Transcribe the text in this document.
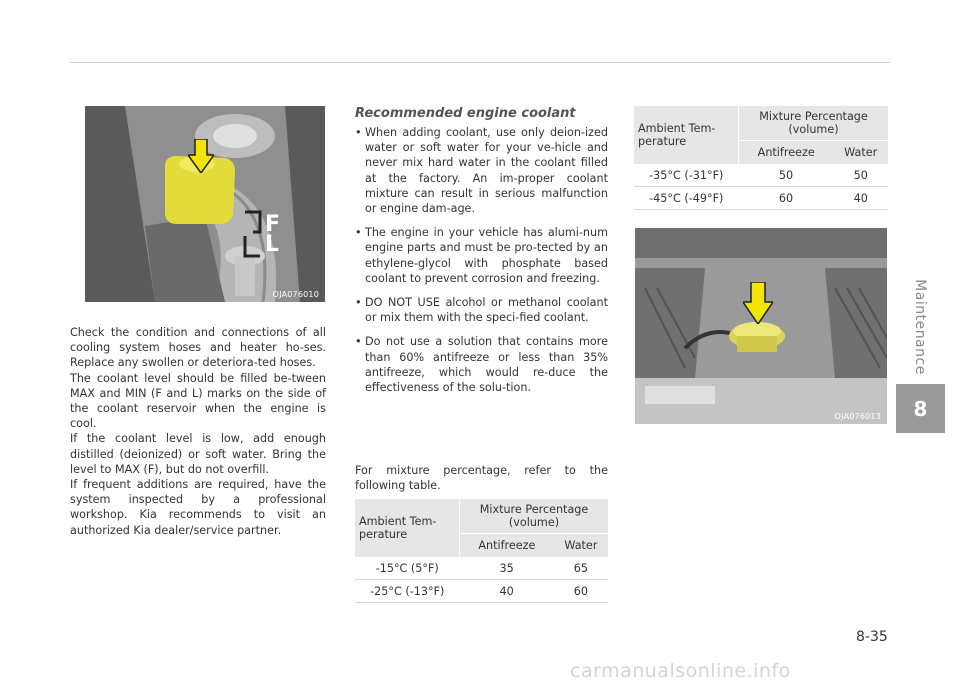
F
L
OJA076010

Check the condition and connections of all cooling system hoses and heater ho-ses. Replace any swollen or deteriora-ted hoses.

The coolant level should be filled be-tween MAX and MIN (F and L) marks on the side of the coolant reservoir when the engine is cool.

If the coolant level is low, add enough distilled (deionized) or soft water. Bring the level to MAX (F), but do not overfill.

If frequent additions are required, have the system inspected by a professional workshop. Kia recommends to visit an authorized Kia dealer/service partner.

Recommended engine coolant
• When adding coolant, use only deion-ized water or soft water for your ve-hicle and never mix hard water in the coolant filled at the factory. An im-proper coolant mixture can result in serious malfunction or engine dam-age.
• The engine in your vehicle has alumi-num engine parts and must be pro-tected by an ethylene-glycol with phosphate based coolant to prevent corrosion and freezing.
• DO NOT USE alcohol or methanol coolant or mix them with the speci-fied coolant.
• Do not use a solution that contains more than 60% antifreeze or less than 35% antifreeze, which would re-duce the effectiveness of the solu-tion.

For mixture percentage, refer to the following table.

Ambient Tem-perature	Mixture Percentage (volume)	
	Antifreeze	Water
-15°C (5°F)	35	65
-25°C (-13°F)	40	60
Ambient Tem-perature	Mixture Percentage (volume)	
	Antifreeze	Water
-35°C (-31°F)	50	50
-45°C (-49°F)	60	40
OJA076013
Maintenance
8
8-35
carmanualsonline.info
